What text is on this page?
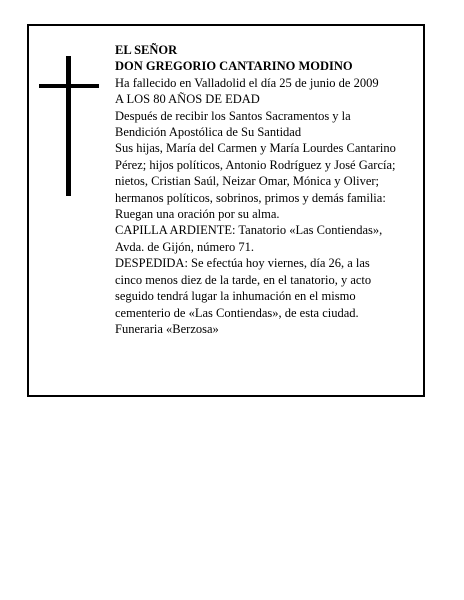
EL SEÑOR

DON GREGORIO CANTARINO MODINO

Ha fallecido en Valladolid el día 25 de junio de 2009

A LOS 80 AÑOS DE EDAD

Después de recibir los Santos Sacramentos y la
Bendición Apostólica de Su Santidad

Sus hijas, María del Carmen y María Lourdes Cantarino
Pérez; hijos políticos, Antonio Rodríguez y José García;
nietos, Cristian Saúl, Neizar Omar, Mónica y Oliver;
hermanos políticos, sobrinos, primos y demás familia:

Ruegan una oración por su alma.

CAPILLA ARDIENTE: Tanatorio «Las Contiendas»,
Avda. de Gijón, número 71.

DESPEDIDA: Se efectúa hoy viernes, día 26, a las
cinco menos diez de la tarde, en el tanatorio, y acto
seguido tendrá lugar la inhumación en el mismo
cementerio de «Las Contiendas», de esta ciudad.

Funeraria «Berzosa»
